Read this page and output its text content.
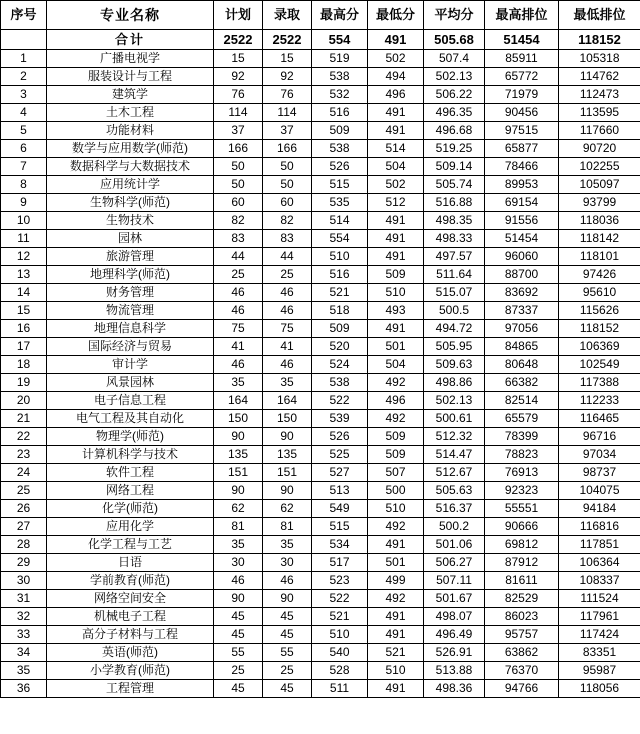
序号	专业名称	计划	录取	最高分	最低分	平均分	最高排位	最低排位
	合计	2522	2522	554	491	505.68	51454	118152
1	广播电视学	15	15	519	502	507.4	85911	105318
2	服装设计与工程	92	92	538	494	502.13	65772	114762
3	建筑学	76	76	532	496	506.22	71979	112473
4	土木工程	114	114	516	491	496.35	90456	113595
5	功能材料	37	37	509	491	496.68	97515	117660
6	数学与应用数学(师范)	166	166	538	514	519.25	65877	90720
7	数据科学与大数据技术	50	50	526	504	509.14	78466	102255
8	应用统计学	50	50	515	502	505.74	89953	105097
9	生物科学(师范)	60	60	535	512	516.88	69154	93799
10	生物技术	82	82	514	491	498.35	91556	118036
11	园林	83	83	554	491	498.33	51454	118142
12	旅游管理	44	44	510	491	497.57	96060	118101
13	地理科学(师范)	25	25	516	509	511.64	88700	97426
14	财务管理	46	46	521	510	515.07	83692	95610
15	物流管理	46	46	518	493	500.5	87337	115626
16	地理信息科学	75	75	509	491	494.72	97056	118152
17	国际经济与贸易	41	41	520	501	505.95	84865	106369
18	审计学	46	46	524	504	509.63	80648	102549
19	风景园林	35	35	538	492	498.86	66382	117388
20	电子信息工程	164	164	522	496	502.13	82514	112233
21	电气工程及其自动化	150	150	539	492	500.61	65579	116465
22	物理学(师范)	90	90	526	509	512.32	78399	96716
23	计算机科学与技术	135	135	525	509	514.47	78823	97034
24	软件工程	151	151	527	507	512.67	76913	98737
25	网络工程	90	90	513	500	505.63	92323	104075
26	化学(师范)	62	62	549	510	516.37	55551	94184
27	应用化学	81	81	515	492	500.2	90666	116816
28	化学工程与工艺	35	35	534	491	501.06	69812	117851
29	日语	30	30	517	501	506.27	87912	106364
30	学前教育(师范)	46	46	523	499	507.11	81611	108337
31	网络空间安全	90	90	522	492	501.67	82529	111524
32	机械电子工程	45	45	521	491	498.07	86023	117961
33	高分子材料与工程	45	45	510	491	496.49	95757	117424
34	英语(师范)	55	55	540	521	526.91	63862	83351
35	小学教育(师范)	25	25	528	510	513.88	76370	95987
36	工程管理	45	45	511	491	498.36	94766	118056
